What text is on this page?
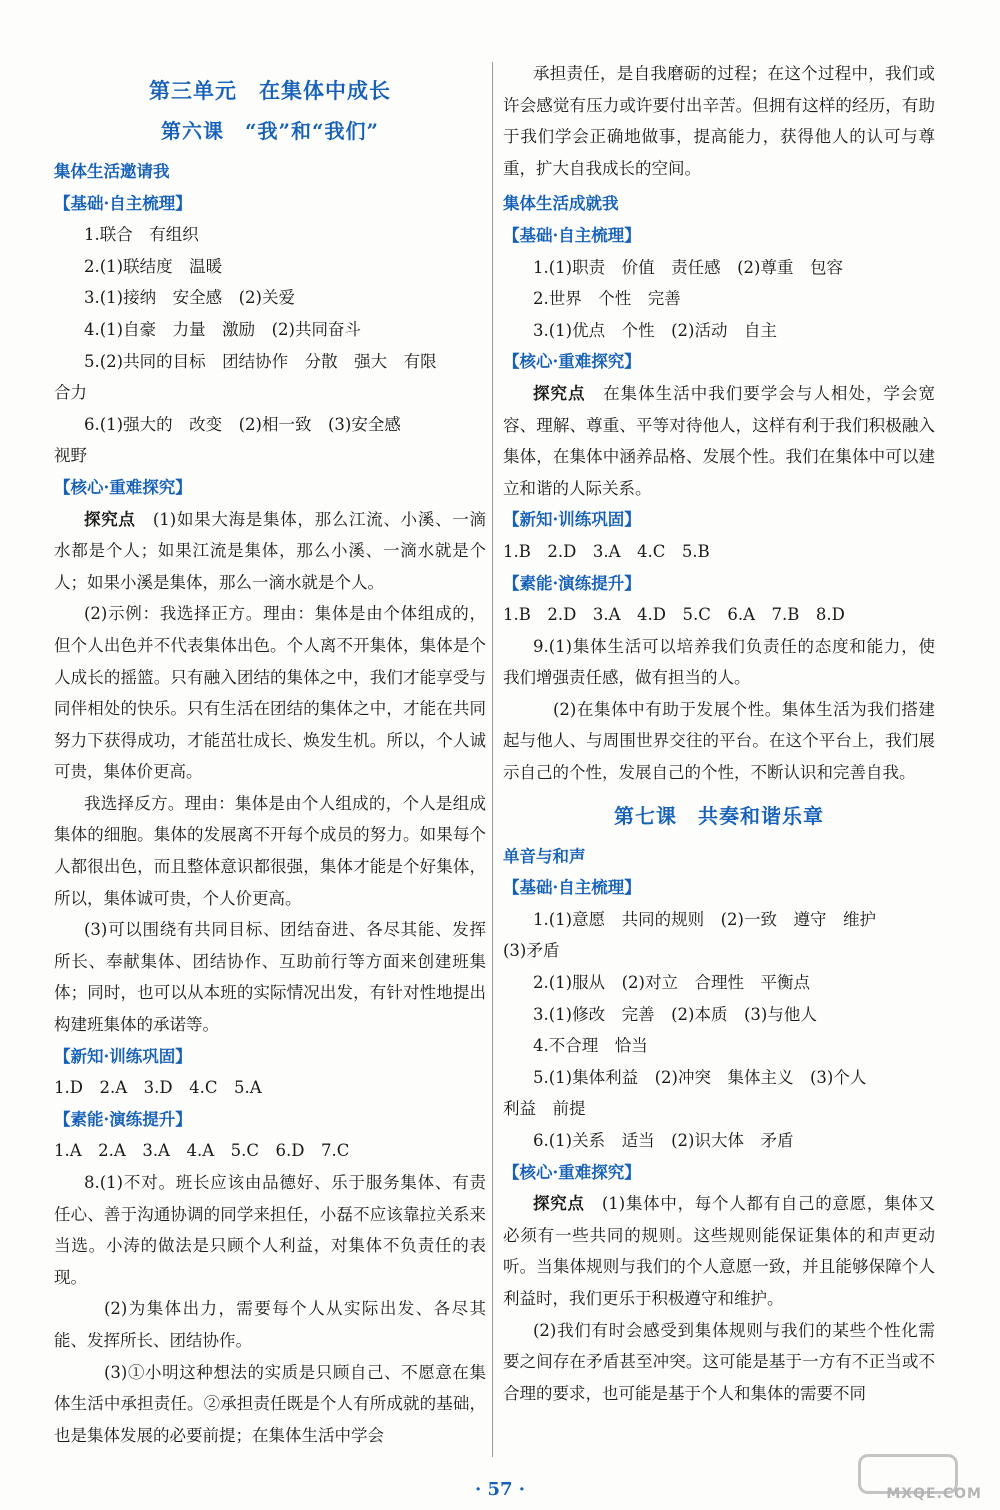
第三单元　在集体中成长
第六课　“我”和“我们”
集体生活邀请我
【基础·自主梳理】

1.联合　有组织

2.(1)联结度　温暖

3.(1)接纳　安全感　(2)关爱

4.(1)自豪　力量　激励　(2)共同奋斗

5.(2)共同的目标　团结协作　分散　强大　有限

合力

6.(1)强大的　改变　(2)相一致　(3)安全感

视野

【核心·重难探究】

探究点　 (1)如果大海是集体，那么江流、小溪、一滴水都是个人；如果江流是集体，那么小溪、一滴水就是个人；如果小溪是集体，那么一滴水就是个人。

(2)示例：我选择正方。理由：集体是由个体组成的，但个人出色并不代表集体出色。个人离不开集体，集体是个人成长的摇篮。只有融入团结的集体之中，我们才能享受与同伴相处的快乐。只有生活在团结的集体之中，才能在共同努力下获得成功，才能茁壮成长、焕发生机。所以，个人诚可贵，集体价更高。

我选择反方。理由：集体是由个人组成的，个人是组成集体的细胞。集体的发展离不开每个成员的努力。如果每个人都很出色，而且整体意识都很强，集体才能是个好集体，所以，集体诚可贵，个人价更高。

(3)可以围绕有共同目标、团结奋进、各尽其能、发挥所长、奉献集体、团结协作、互助前行等方面来创建班集体；同时，也可以从本班的实际情况出发，有针对性地提出构建班集体的承诺等。

【新知·训练巩固】

1.D　2.A　3.D　4.C　5.A

【素能·演练提升】

1.A　2.A　3.A　4.A　5.C　6.D　7.C

8.(1)不对。班长应该由品德好、乐于服务集体、有责任心、善于沟通协调的同学来担任，小磊不应该靠拉关系来当选。小涛的做法是只顾个人利益，对集体不负责任的表现。

(2)为集体出力，需要每个人从实际出发、各尽其能、发挥所长、团结协作。

(3)①小明这种想法的实质是只顾自己、不愿意在集体生活中承担责任。②承担责任既是个人有所成就的基础，也是集体发展的必要前提；在集体生活中学会

承担责任，是自我磨砺的过程；在这个过程中，我们或许会感觉有压力或许要付出辛苦。但拥有这样的经历，有助于我们学会正确地做事，提高能力，获得他人的认可与尊重，扩大自我成长的空间。

集体生活成就我
【基础·自主梳理】

1.(1)职责　价值　责任感　(2)尊重　包容

2.世界　个性　完善

3.(1)优点　个性　(2)活动　自主

【核心·重难探究】

探究点　 在集体生活中我们要学会与人相处，学会宽容、理解、尊重、平等对待他人，这样有利于我们积极融入集体，在集体中涵养品格、发展个性。我们在集体中可以建立和谐的人际关系。

【新知·训练巩固】

1.B　2.D　3.A　4.C　5.B

【素能·演练提升】

1.B　2.D　3.A　4.D　5.C　6.A　7.B　8.D

9.(1)集体生活可以培养我们负责任的态度和能力，使我们增强责任感，做有担当的人。

(2)在集体中有助于发展个性。集体生活为我们搭建起与他人、与周围世界交往的平台。在这个平台上，我们展示自己的个性，发展自己的个性，不断认识和完善自我。

第七课　共奏和谐乐章
单音与和声
【基础·自主梳理】

1.(1)意愿　共同的规则　(2)一致　遵守　维护

(3)矛盾

2.(1)服从　(2)对立　合理性　平衡点

3.(1)修改　完善　(2)本质　(3)与他人

4.不合理　恰当

5.(1)集体利益　(2)冲突　集体主义　(3)个人

利益　前提

6.(1)关系　适当　(2)识大体　矛盾

【核心·重难探究】

探究点　 (1)集体中，每个人都有自己的意愿，集体又必须有一些共同的规则。这些规则能保证集体的和声更动听。当集体规则与我们的个人意愿一致，并且能够保障个人利益时，我们更乐于积极遵守和维护。

(2)我们有时会感受到集体规则与我们的某些个性化需要之间存在矛盾甚至冲突。这可能是基于一方有不正当或不合理的要求，也可能是基于个人和集体的需要不同

· 57 ·	MXQE.COM
